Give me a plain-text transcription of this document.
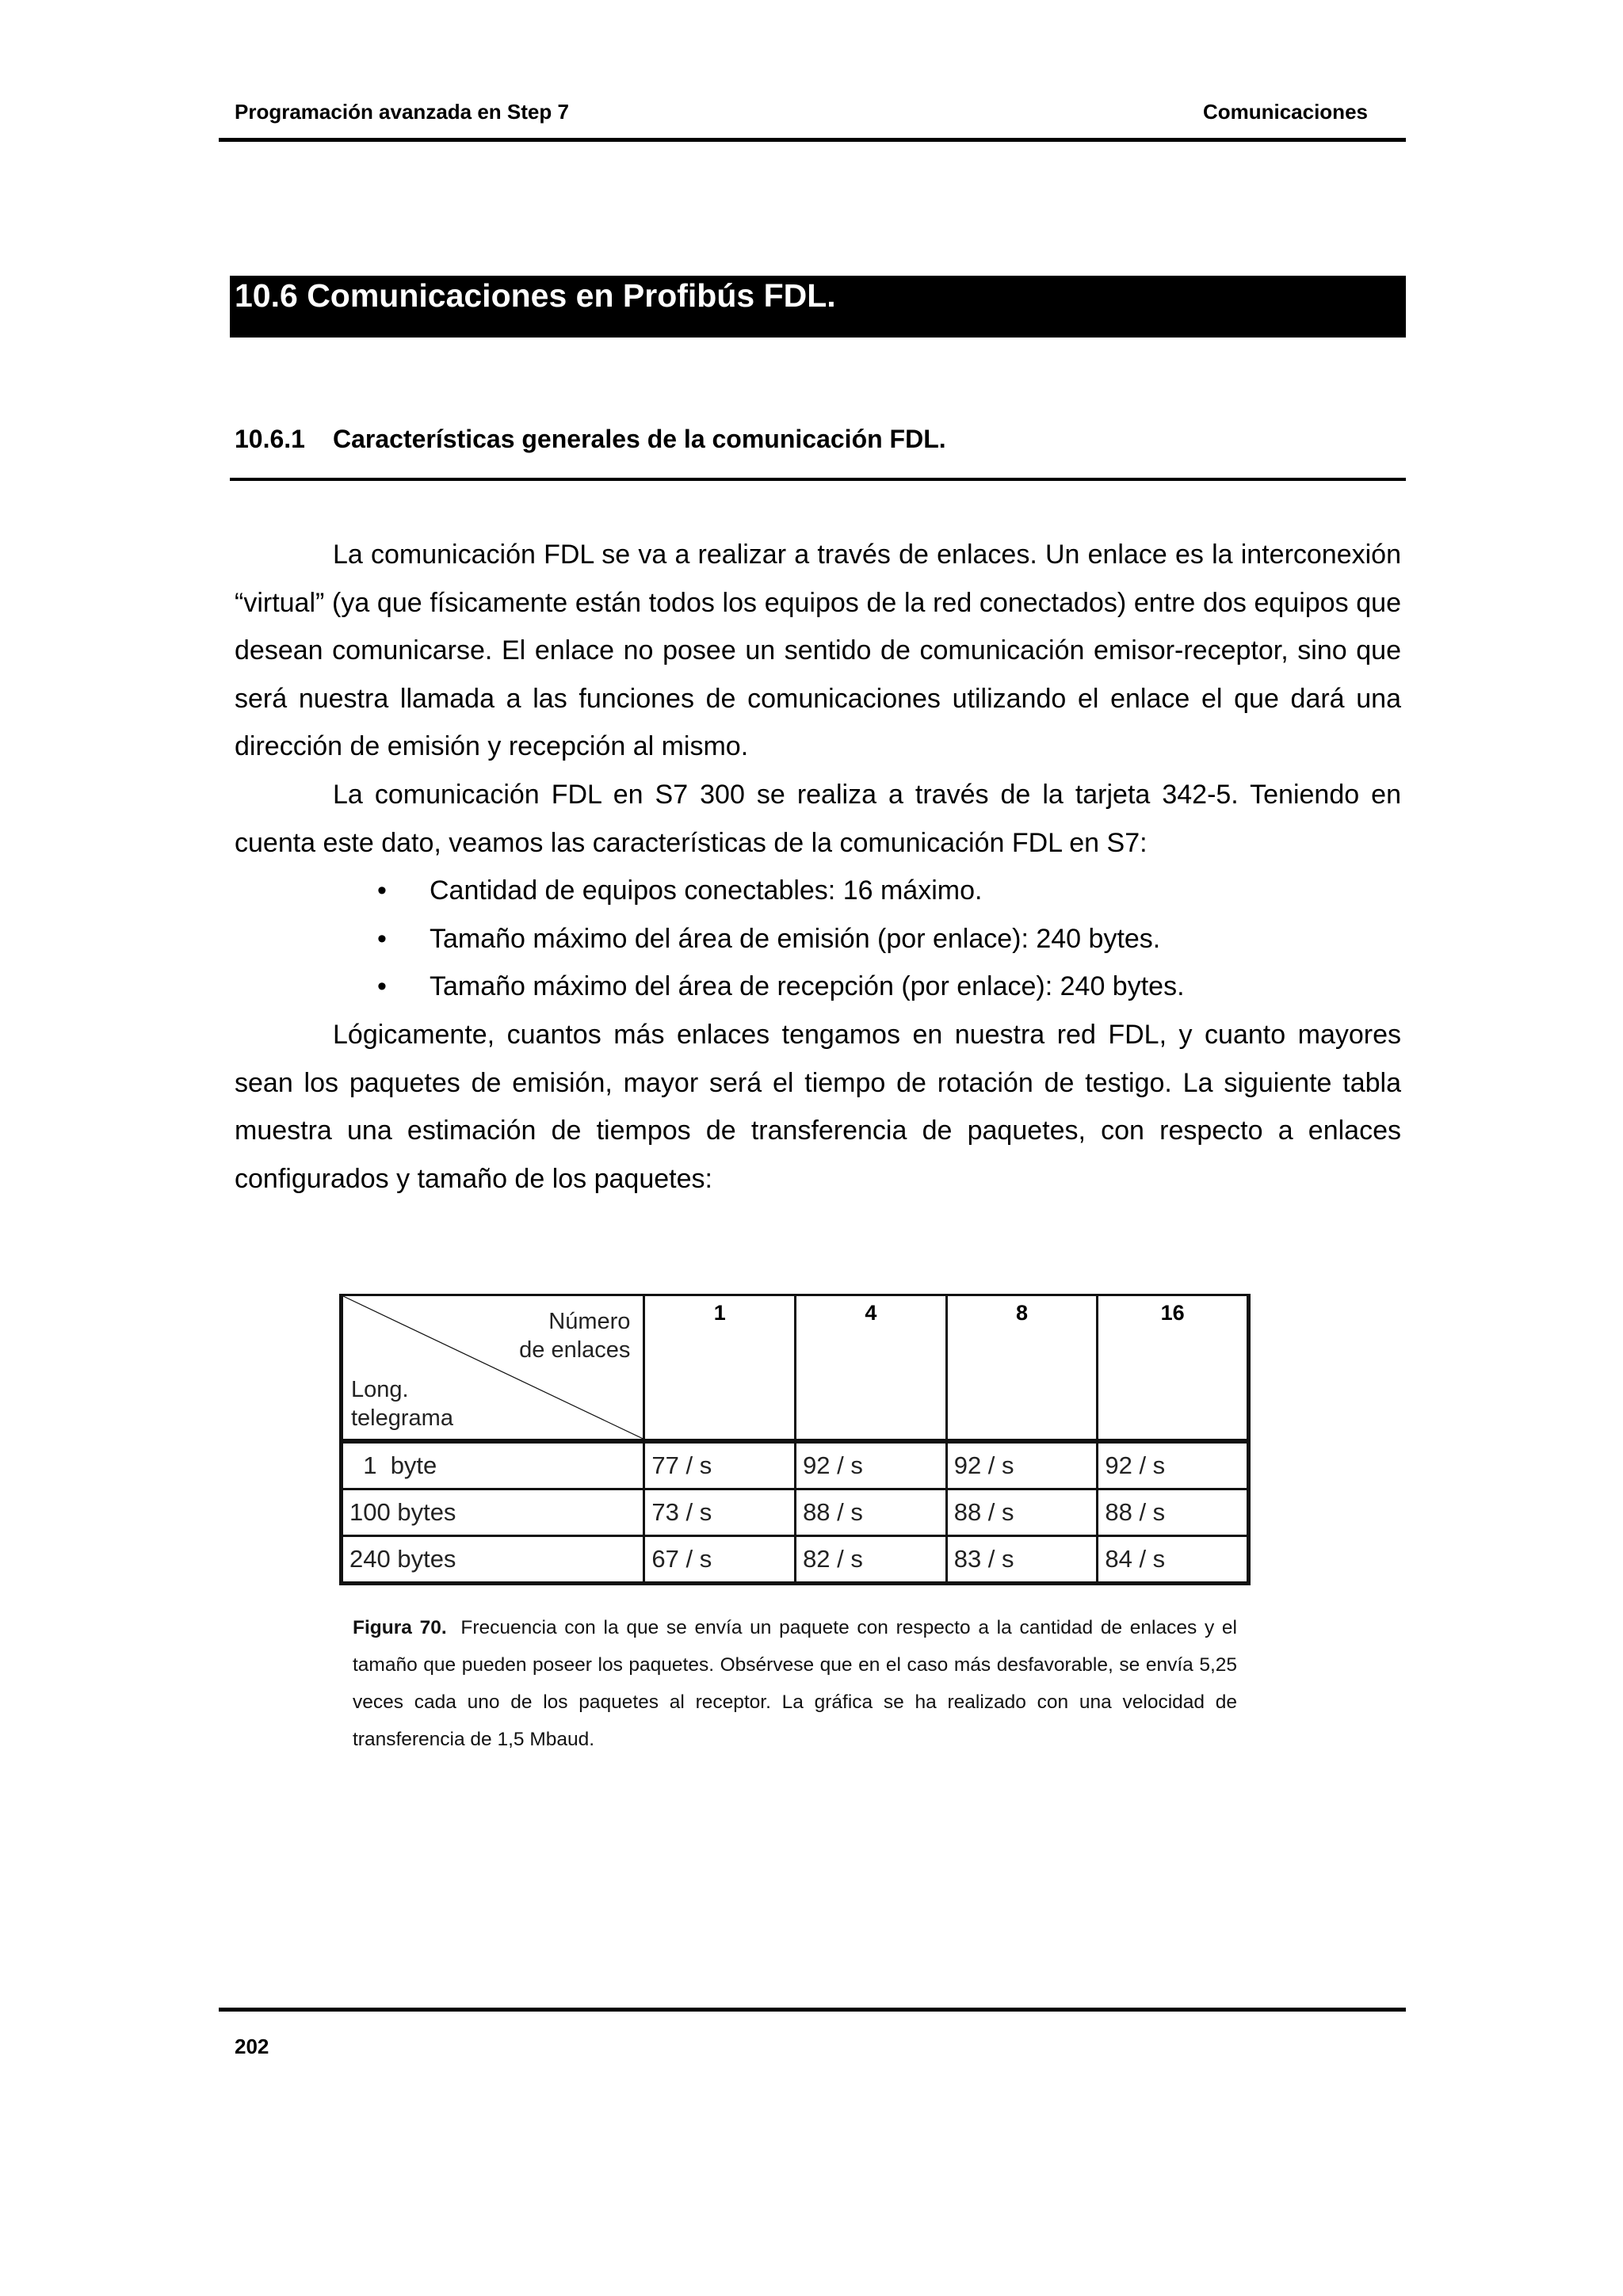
Programación avanzada en Step 7	Comunicaciones
10.6 Comunicaciones en Profibús FDL.
10.6.1 Características generales de la comunicación FDL.

La comunicación FDL se va a realizar a través de enlaces. Un enlace es la interconexión “virtual” (ya que físicamente están todos los equipos de la red conectados) entre dos equipos que desean comunicarse. El enlace no posee un sentido de comunicación emisor-receptor, sino que será nuestra llamada a las funciones de comunicaciones utilizando el enlace el que dará una dirección de emisión y recepción al mismo.

La comunicación FDL en S7 300 se realiza a través de la tarjeta 342-5. Teniendo en cuenta este dato, veamos las características de la comunicación FDL en S7:

• Cantidad de equipos conectables: 16 máximo.
• Tamaño máximo del área de emisión (por enlace): 240 bytes.
• Tamaño máximo del área de recepción (por enlace): 240 bytes.

Lógicamente, cuantos más enlaces tengamos en nuestra red FDL, y cuanto mayores sean los paquetes de emisión, mayor será el tiempo de rotación de testigo. La siguiente tabla muestra una estimación de tiempos de transferencia de paquetes, con respecto a enlaces configurados y tamaño de los paquetes:

Número
de enlaces
Long.
telegrama	1	4	8	16
1  byte	77 / s	92 / s	92 / s	92 / s
100 bytes	73 / s	88 / s	88 / s	88 / s
240 bytes	67 / s	82 / s	83 / s	84 / s
Figura 70. Frecuencia con la que se envía un paquete con respecto a la cantidad de enlaces y el tamaño que pueden poseer los paquetes. Obsérvese que en el caso más desfavorable, se envía 5,25 veces cada uno de los paquetes al receptor. La gráfica se ha realizado con una velocidad de transferencia de 1,5 Mbaud.
202
